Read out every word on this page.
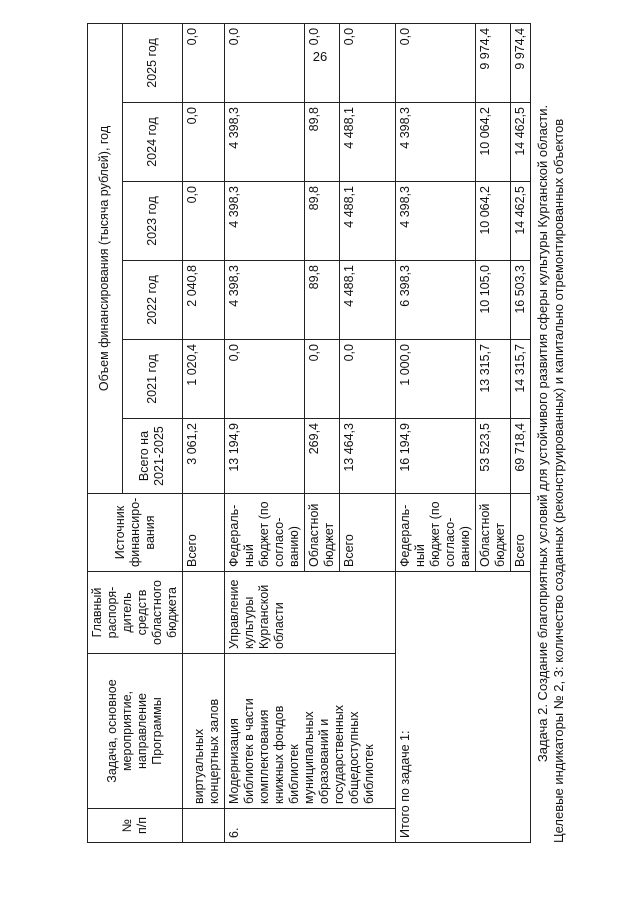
26
№ п/п	Задача, основное мероприятие, направление Программы	Главный распоря-дитель средств областного бюджета	Источник финансиро-вания	Объем финансирования (тысяча рублей), год					
				Всего на 2021-2025	2021 год	2022 год	2023 год	2024 год	2025 год
	виртуальных концертных залов		Всего	3 061,2	1 020,4	2 040,8	0,0	0,0	0,0
6.	Модернизация библиотек в части комплектования книжных фондов библиотек муниципальных образований и государственных общедоступных библиотек	Управление культуры Курганской области	Федераль-ный бюджет (по согласо-ванию)	13 194,9	0,0	4 398,3	4 398,3	4 398,3	0,0
			Областной бюджет	269,4	0,0	89,8	89,8	89,8	0,0
			Всего	13 464,3	0,0	4 488,1	4 488,1	4 488,1	0,0
Итого по задаче 1:			Федераль-ный бюджет (по согласо-ванию)	16 194,9	1 000,0	6 398,3	4 398,3	4 398,3	0,0
			Областной бюджет	53 523,5	13 315,7	10 105,0	10 064,2	10 064,2	9 974,4
			Всего	69 718,4	14 315,7	16 503,3	14 462,5	14 462,5	9 974,4
Задача 2. Создание благоприятных условий для устойчивого развития сферы культуры Курганской области. Целевые индикаторы № 2, 3: количество созданных (реконструированных) и капитально отремонтированных объектов
